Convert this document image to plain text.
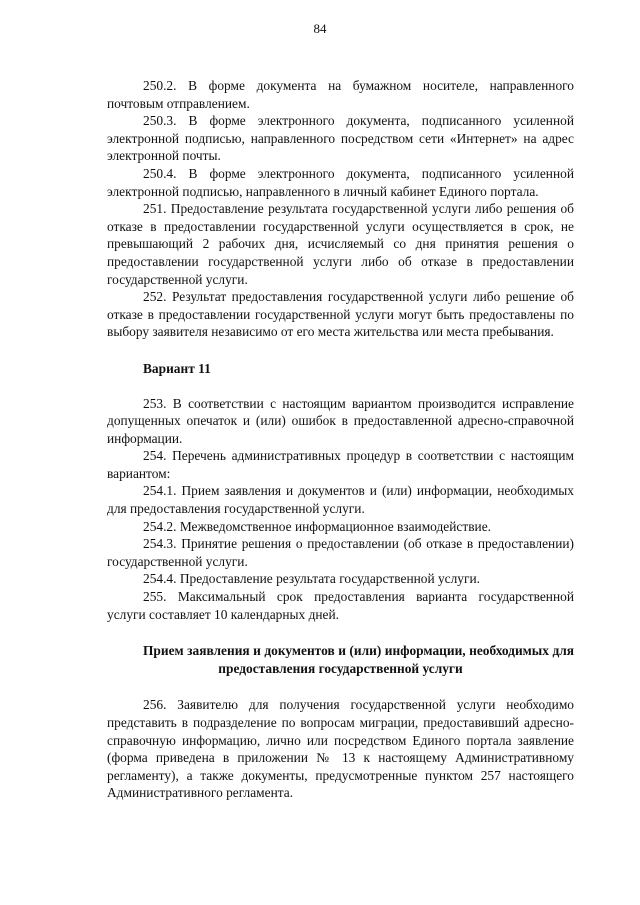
84

250.2. В форме документа на бумажном носителе, направленного почтовым отправлением.

250.3. В форме электронного документа, подписанного усиленной электронной подписью, направленного посредством сети «Интернет» на адрес электронной почты.

250.4. В форме электронного документа, подписанного усиленной электронной подписью, направленного в личный кабинет Единого портала.

251. Предоставление результата государственной услуги либо решения об отказе в предоставлении государственной услуги осуществляется в срок, не превышающий 2 рабочих дня, исчисляемый со дня принятия решения о предоставлении государственной услуги либо об отказе в предоставлении государственной услуги.

252. Результат предоставления государственной услуги либо решение об отказе в предоставлении государственной услуги могут быть предоставлены по выбору заявителя независимо от его места жительства или места пребывания.

Вариант 11

253. В соответствии с настоящим вариантом производится исправление допущенных опечаток и (или) ошибок в предоставленной адресно-справочной информации.

254. Перечень административных процедур в соответствии с настоящим вариантом:

254.1. Прием заявления и документов и (или) информации, необходимых для предоставления государственной услуги.

254.2. Межведомственное информационное взаимодействие.

254.3. Принятие решения о предоставлении (об отказе в предоставлении) государственной услуги.

254.4. Предоставление результата государственной услуги.

255. Максимальный срок предоставления варианта государственной услуги составляет 10 календарных дней.

Прием заявления и документов и (или) информации, необходимых для предоставления государственной услуги

256. Заявителю для получения государственной услуги необходимо представить в подразделение по вопросам миграции, предоставивший адресно-справочную информацию, лично или посредством Единого портала заявление (форма приведена в приложении № 13 к настоящему Административному регламенту), а также документы, предусмотренные пунктом 257 настоящего Административного регламента.
